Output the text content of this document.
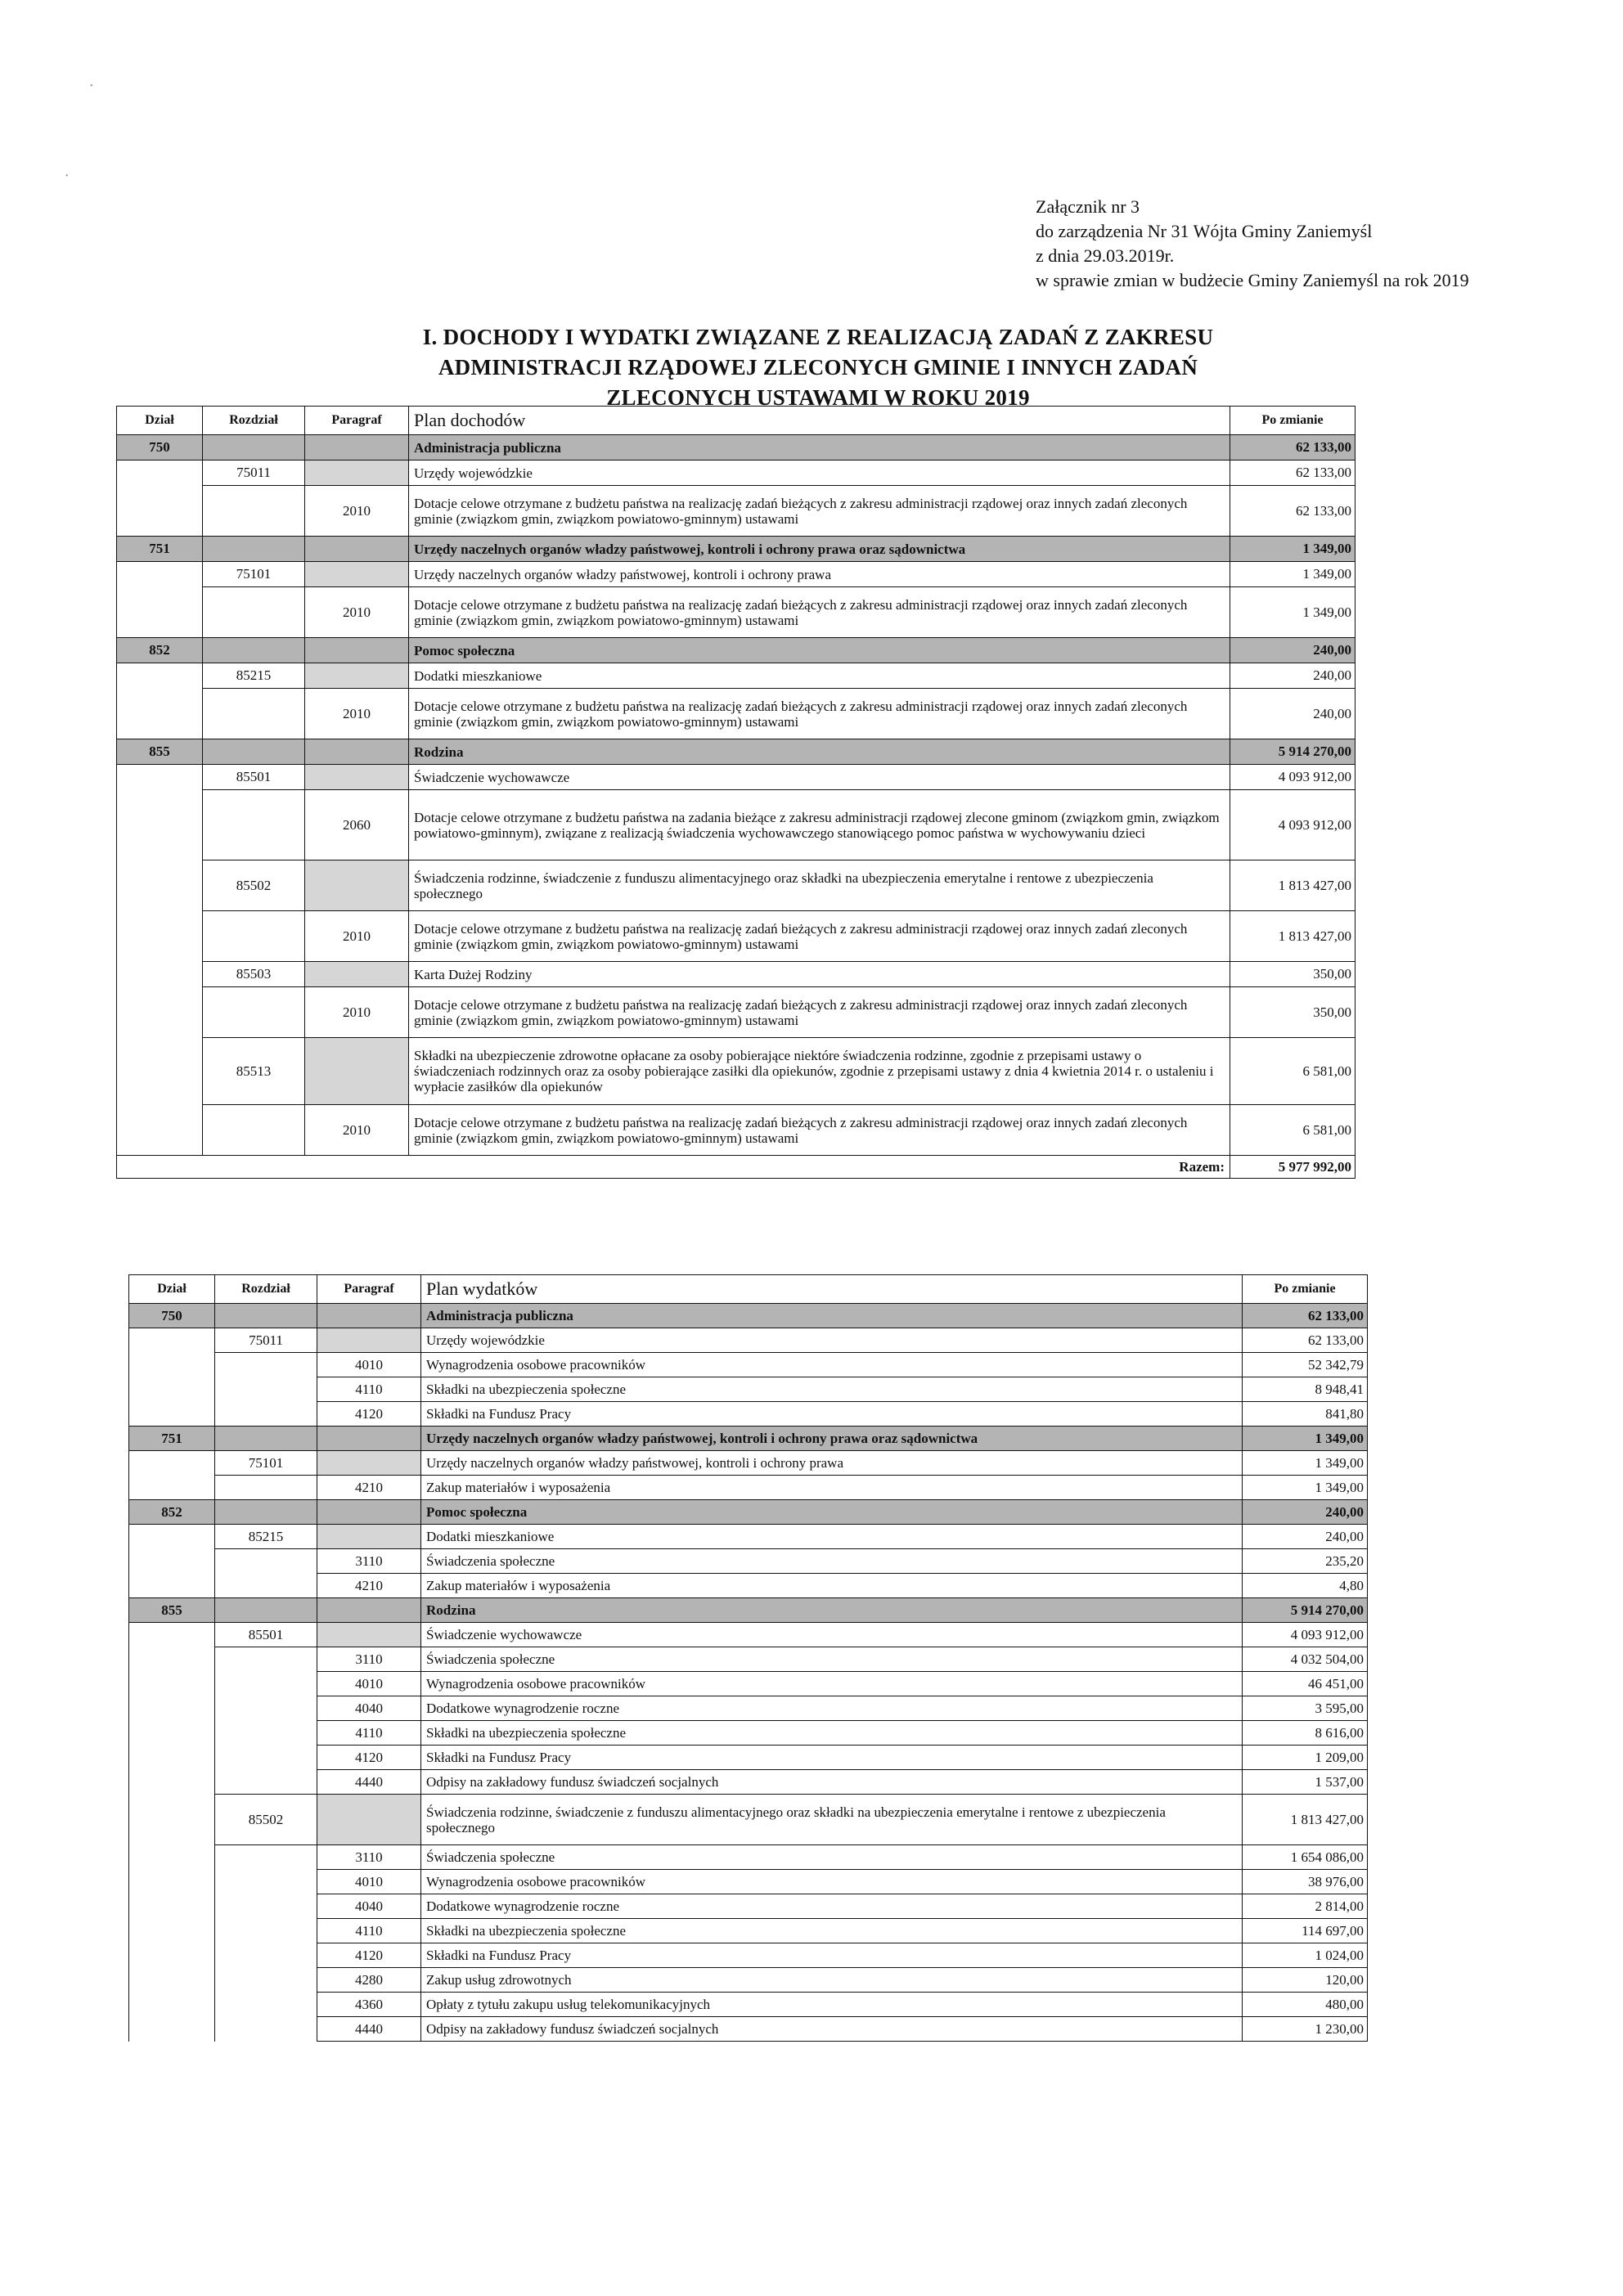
•
•
Załącznik nr 3
do zarządzenia Nr 31 Wójta Gminy Zaniemyśl
z dnia 29.03.2019r.
w sprawie zmian w budżecie Gminy Zaniemyśl na rok 2019
I. DOCHODY I WYDATKI ZWIĄZANE Z REALIZACJĄ ZADAŃ Z ZAKRESU
ADMINISTRACJI RZĄDOWEJ ZLECONYCH GMINIE I INNYCH ZADAŃ
ZLECONYCH USTAWAMI W ROKU 2019
Dział	Rozdział	Paragraf	Plan dochodów	Po zmianie
750			Administracja publiczna	62 133,00
	75011		Urzędy wojewódzkie	62 133,00
		2010	Dotacje celowe otrzymane z budżetu państwa na realizację zadań bieżących z zakresu administracji rządowej oraz innych zadań zleconych gminie (związkom gmin, związkom powiatowo-gminnym) ustawami	62 133,00
751			Urzędy naczelnych organów władzy państwowej, kontroli i ochrony prawa oraz sądownictwa	1 349,00
	75101		Urzędy naczelnych organów władzy państwowej, kontroli i ochrony prawa	1 349,00
		2010	Dotacje celowe otrzymane z budżetu państwa na realizację zadań bieżących z zakresu administracji rządowej oraz innych zadań zleconych gminie (związkom gmin, związkom powiatowo-gminnym) ustawami	1 349,00
852			Pomoc społeczna	240,00
	85215		Dodatki mieszkaniowe	240,00
		2010	Dotacje celowe otrzymane z budżetu państwa na realizację zadań bieżących z zakresu administracji rządowej oraz innych zadań zleconych gminie (związkom gmin, związkom powiatowo-gminnym) ustawami	240,00
855			Rodzina	5 914 270,00
	85501		Świadczenie wychowawcze	4 093 912,00
		2060	Dotacje celowe otrzymane z budżetu państwa na zadania bieżące z zakresu administracji rządowej zlecone gminom (związkom gmin, związkom powiatowo-gminnym), związane z realizacją świadczenia wychowawczego stanowiącego pomoc państwa w wychowywaniu dzieci	4 093 912,00
	85502		Świadczenia rodzinne, świadczenie z funduszu alimentacyjnego oraz składki na ubezpieczenia emerytalne i rentowe z ubezpieczenia społecznego	1 813 427,00
		2010	Dotacje celowe otrzymane z budżetu państwa na realizację zadań bieżących z zakresu administracji rządowej oraz innych zadań zleconych gminie (związkom gmin, związkom powiatowo-gminnym) ustawami	1 813 427,00
	85503		Karta Dużej Rodziny	350,00
		2010	Dotacje celowe otrzymane z budżetu państwa na realizację zadań bieżących z zakresu administracji rządowej oraz innych zadań zleconych gminie (związkom gmin, związkom powiatowo-gminnym) ustawami	350,00
	85513		Składki na ubezpieczenie zdrowotne opłacane za osoby pobierające niektóre świadczenia rodzinne, zgodnie z przepisami ustawy o świadczeniach rodzinnych oraz za osoby pobierające zasiłki dla opiekunów, zgodnie z przepisami ustawy z dnia 4 kwietnia 2014 r. o ustaleniu i wypłacie zasiłków dla opiekunów	6 581,00
		2010	Dotacje celowe otrzymane z budżetu państwa na realizację zadań bieżących z zakresu administracji rządowej oraz innych zadań zleconych gminie (związkom gmin, związkom powiatowo-gminnym) ustawami	6 581,00
Razem:				5 977 992,00
Dział	Rozdział	Paragraf	Plan wydatków	Po zmianie
750			Administracja publiczna	62 133,00
	75011		Urzędy wojewódzkie	62 133,00
		4010	Wynagrodzenia osobowe pracowników	52 342,79
		4110	Składki na ubezpieczenia społeczne	8 948,41
		4120	Składki na Fundusz Pracy	841,80
751			Urzędy naczelnych organów władzy państwowej, kontroli i ochrony prawa oraz sądownictwa	1 349,00
	75101		Urzędy naczelnych organów władzy państwowej, kontroli i ochrony prawa	1 349,00
		4210	Zakup materiałów i wyposażenia	1 349,00
852			Pomoc społeczna	240,00
	85215		Dodatki mieszkaniowe	240,00
		3110	Świadczenia społeczne	235,20
		4210	Zakup materiałów i wyposażenia	4,80
855			Rodzina	5 914 270,00
	85501		Świadczenie wychowawcze	4 093 912,00
		3110	Świadczenia społeczne	4 032 504,00
		4010	Wynagrodzenia osobowe pracowników	46 451,00
		4040	Dodatkowe wynagrodzenie roczne	3 595,00
		4110	Składki na ubezpieczenia społeczne	8 616,00
		4120	Składki na Fundusz Pracy	1 209,00
		4440	Odpisy na zakładowy fundusz świadczeń socjalnych	1 537,00
	85502		Świadczenia rodzinne, świadczenie z funduszu alimentacyjnego oraz składki na ubezpieczenia emerytalne i rentowe z ubezpieczenia społecznego	1 813 427,00
		3110	Świadczenia społeczne	1 654 086,00
		4010	Wynagrodzenia osobowe pracowników	38 976,00
		4040	Dodatkowe wynagrodzenie roczne	2 814,00
		4110	Składki na ubezpieczenia społeczne	114 697,00
		4120	Składki na Fundusz Pracy	1 024,00
		4280	Zakup usług zdrowotnych	120,00
		4360	Opłaty z tytułu zakupu usług telekomunikacyjnych	480,00
		4440	Odpisy na zakładowy fundusz świadczeń socjalnych	1 230,00
